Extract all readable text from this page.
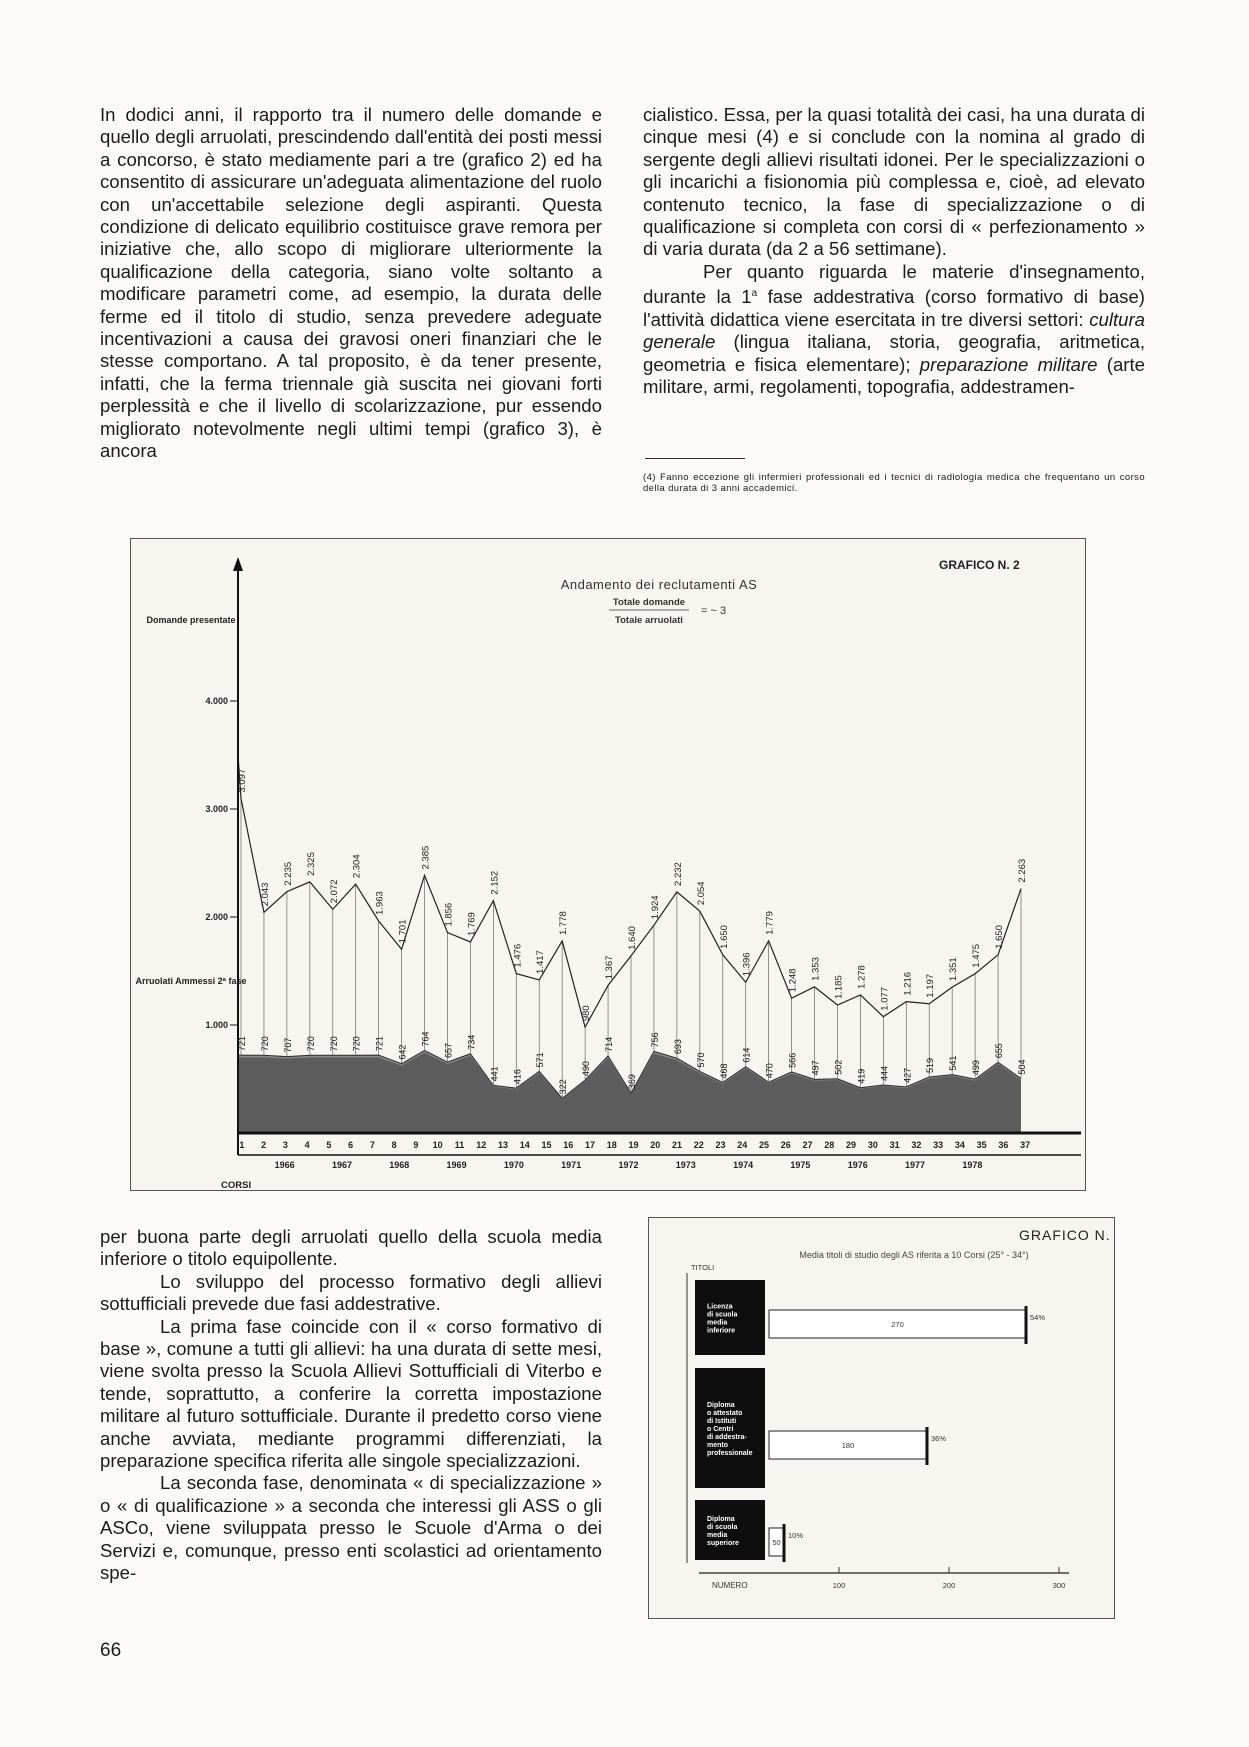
In dodici anni, il rapporto tra il numero delle domande e quello degli arruolati, prescindendo dall'entità dei posti messi a concorso, è stato mediamente pari a tre (grafico 2) ed ha consentito di assicurare un'adeguata alimentazione del ruolo con un'accettabile selezione degli aspiranti. Questa condizione di delicato equilibrio costituisce grave remora per iniziative che, allo scopo di migliorare ulteriormente la qualificazione della categoria, siano volte soltanto a modificare parametri come, ad esempio, la durata delle ferme ed il titolo di studio, senza prevedere adeguate incentivazioni a causa dei gravosi oneri finanziari che le stesse comportano. A tal proposito, è da tener presente, infatti, che la ferma triennale già suscita nei giovani forti perplessità e che il livello di scolarizzazione, pur essendo migliorato notevolmente negli ultimi tempi (grafico 3), è ancora

cialistico. Essa, per la quasi totalità dei casi, ha una durata di cinque mesi (4) e si conclude con la nomina al grado di sergente degli allievi risultati idonei. Per le specializzazioni o gli incarichi a fisionomia più complessa e, cioè, ad elevato contenuto tecnico, la fase di specializzazione o di qualificazione si completa con corsi di « perfezionamento » di varia durata (da 2 a 56 settimane).

Per quanto riguarda le materie d'insegnamento, durante la 1$^a$ fase addestrativa (corso formativo di base) l'attività didattica viene esercitata in tre diversi settori: cultura generale (lingua italiana, storia, geografia, aritmetica, geometria e fisica elementare); preparazione militare (arte militare, armi, regolamenti, topografia, addestramen-

(4) Fanno eccezione gli infermieri professionali ed i tecnici di radiologia medica che frequentano un corso della durata di 3 anni accademici.
GRAFICO N. 2
Andamento dei reclutamenti AS
Totale domande
Totale arruolati
= ~ 3
3.097
2.043
2.235 2.325
2.072
2.304
1.963
1.701
2.385
1.856 1.769
2.152
1.476 1.417
1.778
980
1.367
1.640
1.924
2.232
2.054
1.650
1.396
1.779
1.248 1.353
1.185 1.278
1.077
1.216 1.197
1.351
1.475
1.650
2.263
721 720 707 720 720 720 721
642
764
657
734
441 416
571
322
490
714
369
756 693
570
468
614
470
566 497 502
419 444 427
519 541 499
655
504
1.000
2.000
3.000
4.000
Domande presentate
Arruolati Ammessi 2ª fase
1 2 3 4 5 6 7 8 9 10 11 12 13 14 15 16 17 18 19 20 21 22 23 24 25 26 27 28 29 30 31 32 33 34 35 36 37
1966	1967	1968	1969	1970	1971	1972	1973	1974	1975	1976	1977	1978
CORSI

per buona parte degli arruolati quello della scuola media inferiore o titolo equipollente.

Lo sviluppo del processo formativo degli allievi sottufficiali prevede due fasi addestrative.

La prima fase coincide con il « corso formativo di base », comune a tutti gli allievi: ha una durata di sette mesi, viene svolta presso la Scuola Allievi Sottufficiali di Viterbo e tende, soprattutto, a conferire la corretta impostazione militare al futuro sottufficiale. Durante il predetto corso viene anche avviata, mediante programmi differenziati, la preparazione specifica riferita alle singole specializzazioni.

La seconda fase, denominata « di specializzazione » o « di qualificazione » a seconda che interessi gli ASS o gli ASCo, viene sviluppata presso le Scuole d'Arma o dei Servizi e, comunque, presso enti scolastici ad orientamento spe-

GRAFICO N. 3
Media titoli di studio degli AS riferita a 10 Corsi (25° - 34°)
TITOLI
NUMERO	100	200	300
Licenza di scuola media inferiore
270
54%
Diploma o attestato di Istituti o Centri di addestra-mento professionale
180
36%
Diploma di scuola media superiore	50
10%
66
